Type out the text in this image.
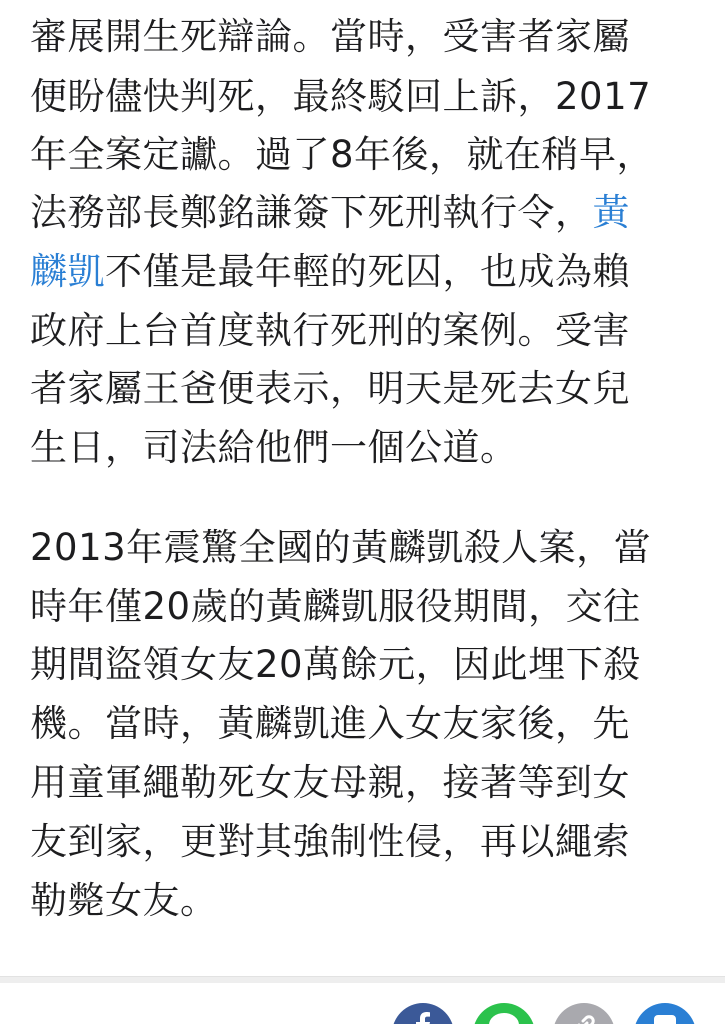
審展開生死辯論。當時，受害者家屬
便盼儘快判死，最終駁回上訴，2017
年全案定讞。過了8年後，就在稍早，
法務部長鄭銘謙簽下死刑執行令，黃
麟凱不僅是最年輕的死囚，也成為賴
政府上台首度執行死刑的案例。受害
者家屬王爸便表示，明天是死去女兒
生日，司法給他們一個公道。
2013年震驚全國的黃麟凱殺人案，當
時年僅20歲的黃麟凱服役期間，交往
期間盜領女友20萬餘元，因此埋下殺
機。當時，黃麟凱進入女友家後，先
用童軍繩勒死女友母親，接著等到女
友到家，更對其強制性侵，再以繩索
勒斃女友。
